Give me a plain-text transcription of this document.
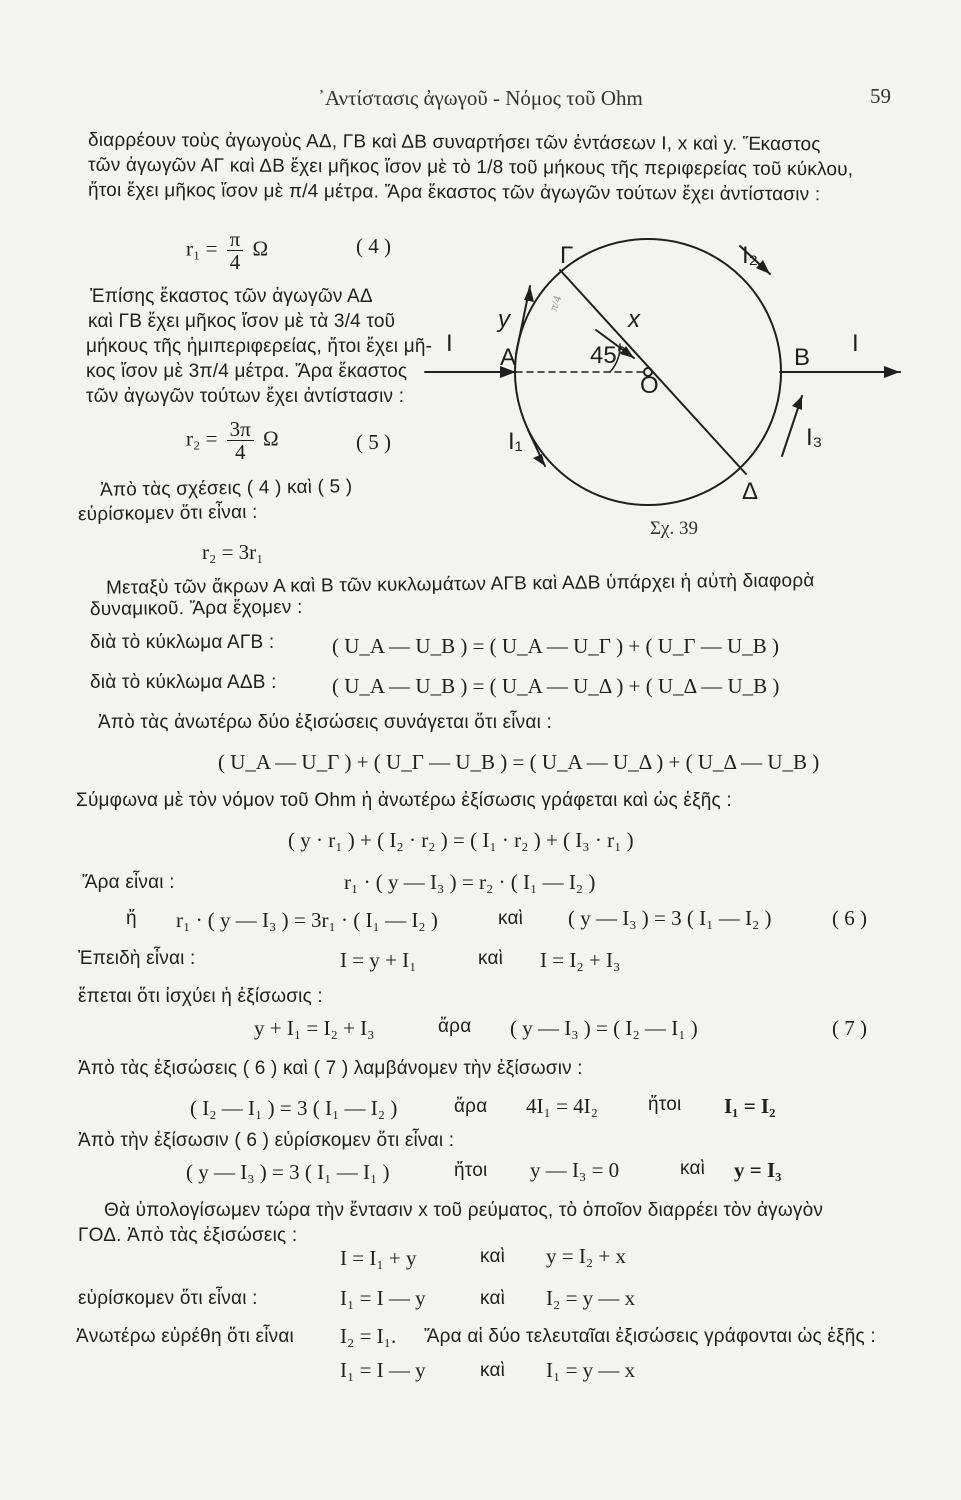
᾿Αντίστασις ἀγωγοῦ - Νόμος τοῦ Ohm	59
διαρρέουν τοὺς ἀγωγοὺς ΑΔ, ΓΒ καὶ ΔΒ συναρτήσει τῶν ἐντάσεων I, x καὶ y. Ἕκαστος
τῶν ἀγωγῶν ΑΓ καὶ ΔΒ ἔχει μῆκος ἴσον μὲ τὸ 1/8 τοῦ μήκους τῆς περιφερείας τοῦ κύκλου,
ἤτοι ἔχει μῆκος ἴσον μὲ π/4 μέτρα. Ἄρα ἕκαστος τῶν ἀγωγῶν τούτων ἔχει ἀντίστασιν :
$r_1 = \frac{\pi}{4}$ Ω	( 4 )
Ἐπίσης ἕκαστος τῶν ἀγωγῶν ΑΔ
καὶ ΓΒ ἔχει μῆκος ἴσον μὲ τὰ 3/4 τοῦ
μήκους τῆς ἡμιπεριφερείας, ἤτοι ἔχει μῆ-
κος ἴσον μὲ 3π/4 μέτρα. Ἄρα ἕκαστος
τῶν ἀγωγῶν τούτων ἔχει ἀντίστασιν :
$r_2 = \frac{3\pi}{4}$ Ω	( 5 )
Ἀπὸ τὰς σχέσεις ( 4 ) καὶ ( 5 )
εὑρίσκομεν ὅτι εἶναι :
r₂ = 3r₁
Γ
Δ
A	B
O
I	I
I₁
I₂
I₃
x
y
45°
π/4
Σχ. 39
Μεταξὺ τῶν ἄκρων Α καὶ Β τῶν κυκλωμάτων ΑΓΒ καὶ ΑΔΒ ὑπάρχει ἡ αὐτὴ διαφορὰ
δυναμικοῦ. Ἄρα ἔχομεν :
διὰ τὸ κύκλωμα ΑΓΒ :	( U_A — U_B ) = ( U_A — U_Γ ) + ( U_Γ — U_B )
διὰ τὸ κύκλωμα ΑΔΒ :	( U_A — U_B ) = ( U_A — U_Δ ) + ( U_Δ — U_B )
Ἀπὸ τὰς ἀνωτέρω δύο ἐξισώσεις συνάγεται ὅτι εἶναι :
( U_A — U_Γ ) + ( U_Γ — U_B ) = ( U_A — U_Δ ) + ( U_Δ — U_B )
Σύμφωνα μὲ τὸν νόμον τοῦ Ohm ἡ ἀνωτέρω ἐξίσωσις γράφεται καὶ ὡς ἑξῆς :
( y · r₁ ) + ( I₂ · r₂ ) = ( I₁ · r₂ ) + ( I₃ · r₁ )
Ἄρα εἶναι :	r₁ · ( y — I₃ ) = r₂ · ( I₁ — I₂ )
ἤ r₁ · ( y — I₃ ) = 3r₁ · ( I₁ — I₂ )	καὶ ( y — I₃ ) = 3 ( I₁ — I₂ )	( 6 )
Ἐπειδὴ εἶναι :	I = y + I₁	καὶ I = I₂ + I₃
ἕπεται ὅτι ἰσχύει ἡ ἐξίσωσις :
y + I₁ = I₂ + I₃	ἄρα ( y — I₃ ) = ( I₂ — I₁ )	( 7 )
Ἀπὸ τὰς ἐξισώσεις ( 6 ) καὶ ( 7 ) λαμβάνομεν τὴν ἐξίσωσιν :
( I₂ — I₁ ) = 3 ( I₁ — I₂ )	ἄρα 4I₁ = 4I₂	ἤτοι I₁ = I₂
Ἀπὸ τὴν ἐξίσωσιν ( 6 ) εὑρίσκομεν ὅτι εἶναι :
( y — I₃ ) = 3 ( I₁ — I₁ )	ἤτοι y — I₃ = 0	καὶ y = I₃
Θὰ ὑπολογίσωμεν τώρα τὴν ἔντασιν x τοῦ ρεύματος, τὸ ὁποῖον διαρρέει τὸν ἀγωγὸν
ΓΟΔ. Ἀπὸ τὰς ἐξισώσεις :
I = I₁ + y	καὶ y = I₂ + x
εὑρίσκομεν ὅτι εἶναι :	I₁ = I — y	καὶ I₂ = y — x
Ἀνωτέρω εὑρέθη ὅτι εἶναι I₂ = I₁. Ἄρα αἱ δύο τελευταῖαι ἐξισώσεις γράφονται ὡς ἑξῆς :
I₁ = I — y	καὶ I₁ = y — x
